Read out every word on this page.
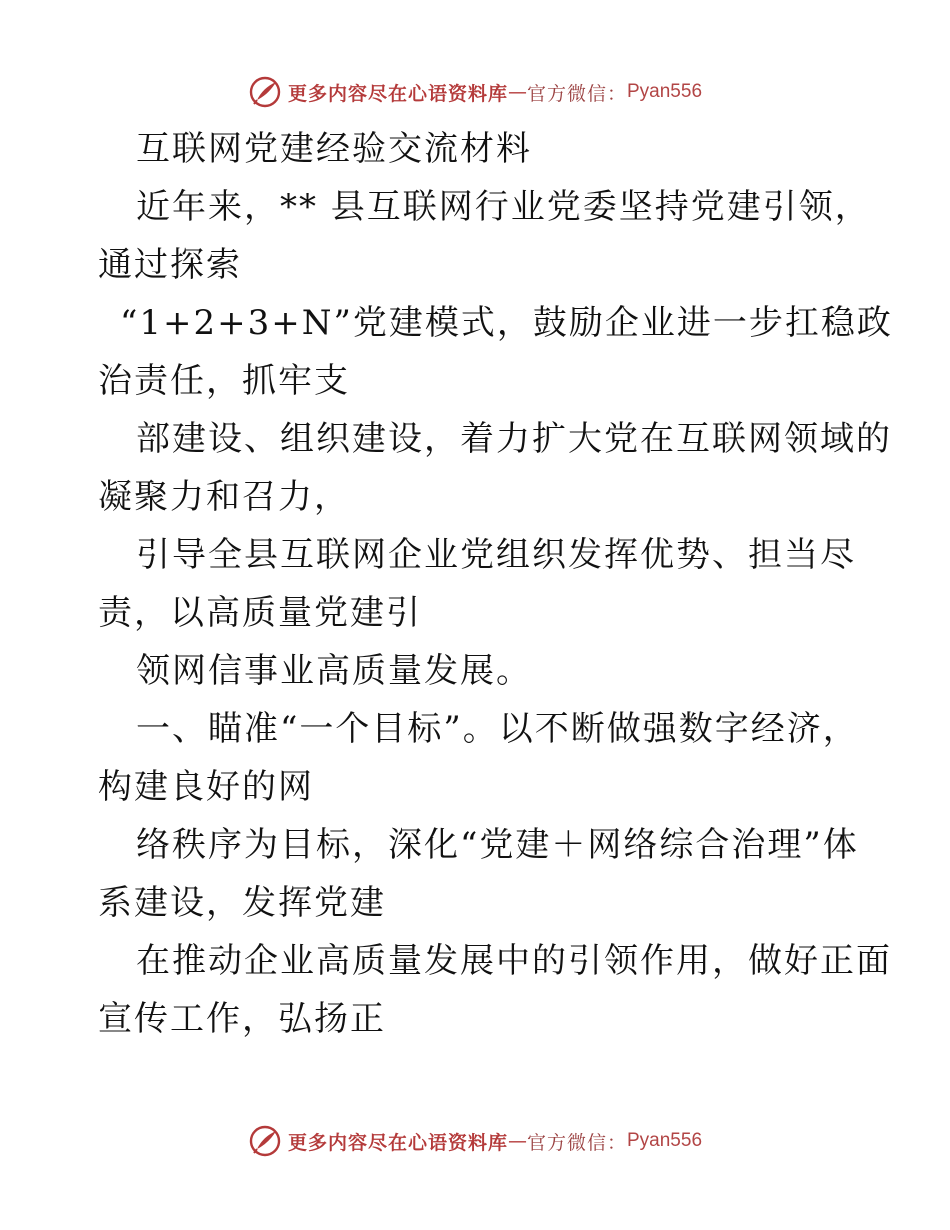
更多内容尽在心语资料库 — 官方微信： Pyan556

互联网党建经验交流材料

近年来，** 县互联网行业党委坚持党建引领，

通过探索

“1+2+3+N”党建模式，鼓励企业进一步扛稳政

治责任，抓牢支

部建设、组织建设，着力扩大党在互联网领域的

凝聚力和召力，

引导全县互联网企业党组织发挥优势、担当尽

责，以高质量党建引

领网信事业高质量发展。

一、瞄准“一个目标”。以不断做强数字经济，

构建良好的网

络秩序为目标，深化“党建＋网络综合治理”体

系建设，发挥党建

在推动企业高质量发展中的引领作用，做好正面

宣传工作，弘扬正

更多内容尽在心语资料库 — 官方微信： Pyan556
